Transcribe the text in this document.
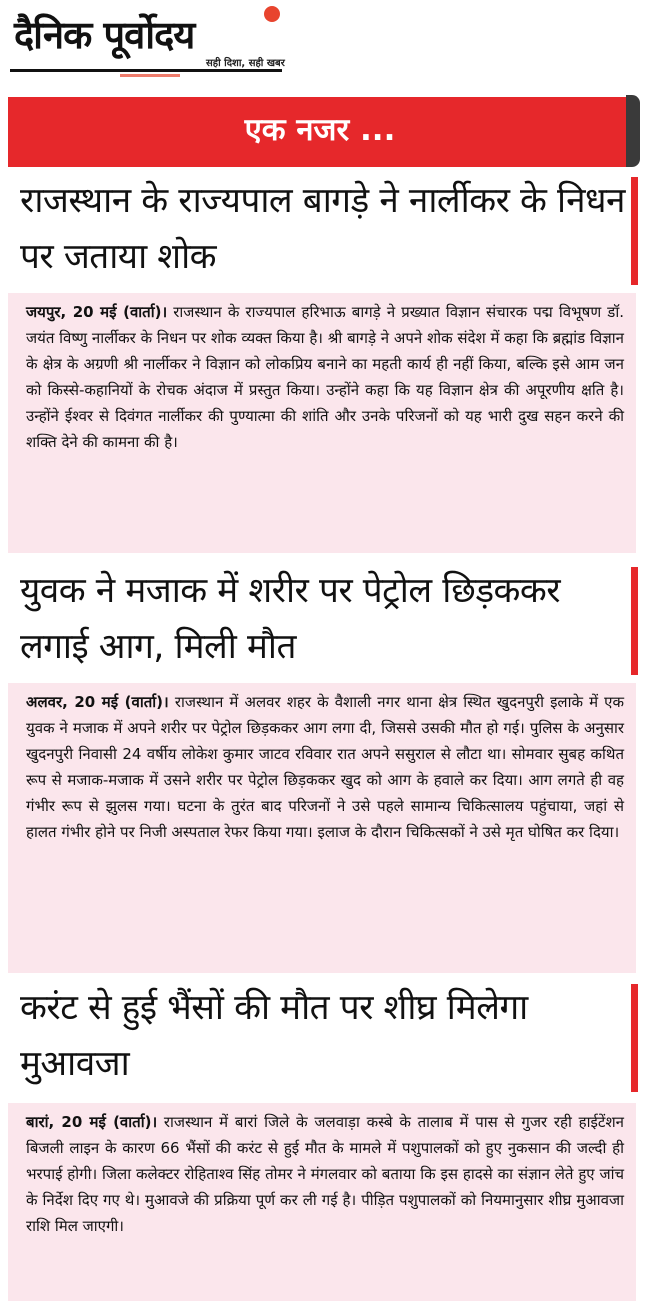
दैनिक पूर्वोदय
सही दिशा, सही खबर
एक नजर ...
राजस्थान के राज्यपाल बागड़े ने नार्लीकर के निधन पर जताया शोक
जयपुर, 20 मई (वार्ता)। राजस्थान के राज्यपाल हरिभाऊ बागड़े ने प्रख्यात विज्ञान संचारक पद्म विभूषण डॉ. जयंत विष्णु नार्लीकर के निधन पर शोक व्यक्त किया है। श्री बागड़े ने अपने शोक संदेश में कहा कि ब्रह्मांड विज्ञान के क्षेत्र के अग्रणी श्री नार्लीकर ने विज्ञान को लोकप्रिय बनाने का महती कार्य ही नहीं किया, बल्कि इसे आम जन को किस्से-कहानियों के रोचक अंदाज में प्रस्तुत किया। उन्होंने कहा कि यह विज्ञान क्षेत्र की अपूरणीय क्षति है। उन्होंने ईश्वर से दिवंगत नार्लीकर की पुण्यात्मा की शांति और उनके परिजनों को यह भारी दुख सहन करने की शक्ति देने की कामना की है।
युवक ने मजाक में शरीर पर पेट्रोल छिड़ककर लगाई आग, मिली मौत
अलवर, 20 मई (वार्ता)। राजस्थान में अलवर शहर के वैशाली नगर थाना क्षेत्र स्थित खुदनपुरी इलाके में एक युवक ने मजाक में अपने शरीर पर पेट्रोल छिड़ककर आग लगा दी, जिससे उसकी मौत हो गई। पुलिस के अनुसार खुदनपुरी निवासी 24 वर्षीय लोकेश कुमार जाटव रविवार रात अपने ससुराल से लौटा था। सोमवार सुबह कथित रूप से मजाक-मजाक में उसने शरीर पर पेट्रोल छिड़ककर खुद को आग के हवाले कर दिया। आग लगते ही वह गंभीर रूप से झुलस गया। घटना के तुरंत बाद परिजनों ने उसे पहले सामान्य चिकित्सालय पहुंचाया, जहां से हालत गंभीर होने पर निजी अस्पताल रेफर किया गया। इलाज के दौरान चिकित्सकों ने उसे मृत घोषित कर दिया।
करंट से हुई भैंसों की मौत पर शीघ्र मिलेगा मुआवजा
बारां, 20 मई (वार्ता)। राजस्थान में बारां जिले के जलवाड़ा कस्बे के तालाब में पास से गुजर रही हाईटेंशन बिजली लाइन के कारण 66 भैंसों की करंट से हुई मौत के मामले में पशुपालकों को हुए नुकसान की जल्दी ही भरपाई होगी। जिला कलेक्टर रोहिताश्व सिंह तोमर ने मंगलवार को बताया कि इस हादसे का संज्ञान लेते हुए जांच के निर्देश दिए गए थे। मुआवजे की प्रक्रिया पूर्ण कर ली गई है। पीड़ित पशुपालकों को नियमानुसार शीघ्र मुआवजा राशि मिल जाएगी।
